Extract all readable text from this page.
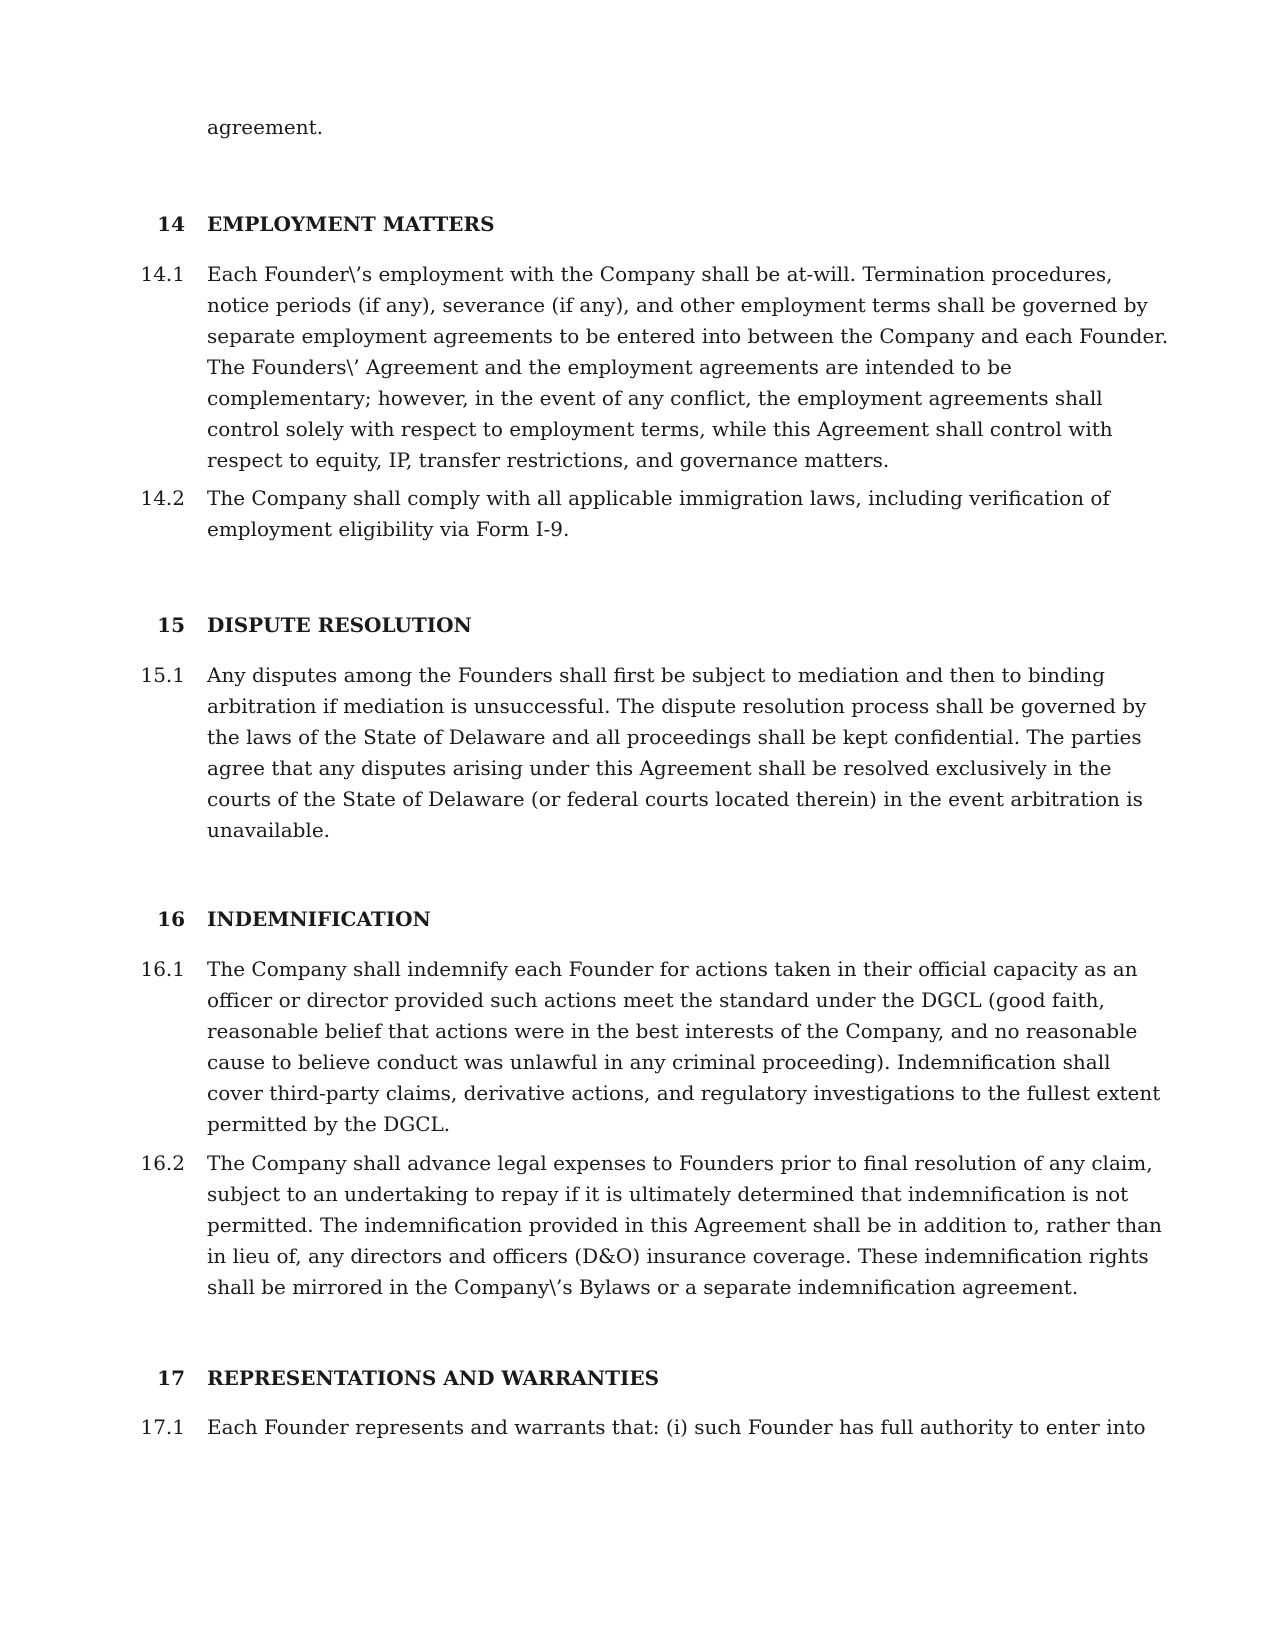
agreement.
14 EMPLOYMENT MATTERS
14.1 Each Founder\’s employment with the Company shall be at-will. Termination procedures,
notice periods (if any), severance (if any), and other employment terms shall be governed by
separate employment agreements to be entered into between the Company and each Founder.
The Founders\’ Agreement and the employment agreements are intended to be
complementary; however, in the event of any conflict, the employment agreements shall
control solely with respect to employment terms, while this Agreement shall control with
respect to equity, IP, transfer restrictions, and governance matters.
14.2 The Company shall comply with all applicable immigration laws, including verification of
employment eligibility via Form I-9.
15 DISPUTE RESOLUTION
15.1 Any disputes among the Founders shall first be subject to mediation and then to binding
arbitration if mediation is unsuccessful. The dispute resolution process shall be governed by
the laws of the State of Delaware and all proceedings shall be kept confidential. The parties
agree that any disputes arising under this Agreement shall be resolved exclusively in the
courts of the State of Delaware (or federal courts located therein) in the event arbitration is
unavailable.
16 INDEMNIFICATION
16.1 The Company shall indemnify each Founder for actions taken in their official capacity as an
officer or director provided such actions meet the standard under the DGCL (good faith,
reasonable belief that actions were in the best interests of the Company, and no reasonable
cause to believe conduct was unlawful in any criminal proceeding). Indemnification shall
cover third-party claims, derivative actions, and regulatory investigations to the fullest extent
permitted by the DGCL.
16.2 The Company shall advance legal expenses to Founders prior to final resolution of any claim,
subject to an undertaking to repay if it is ultimately determined that indemnification is not
permitted. The indemnification provided in this Agreement shall be in addition to, rather than
in lieu of, any directors and officers (D&O) insurance coverage. These indemnification rights
shall be mirrored in the Company\’s Bylaws or a separate indemnification agreement.
17 REPRESENTATIONS AND WARRANTIES
17.1 Each Founder represents and warrants that: (i) such Founder has full authority to enter into
